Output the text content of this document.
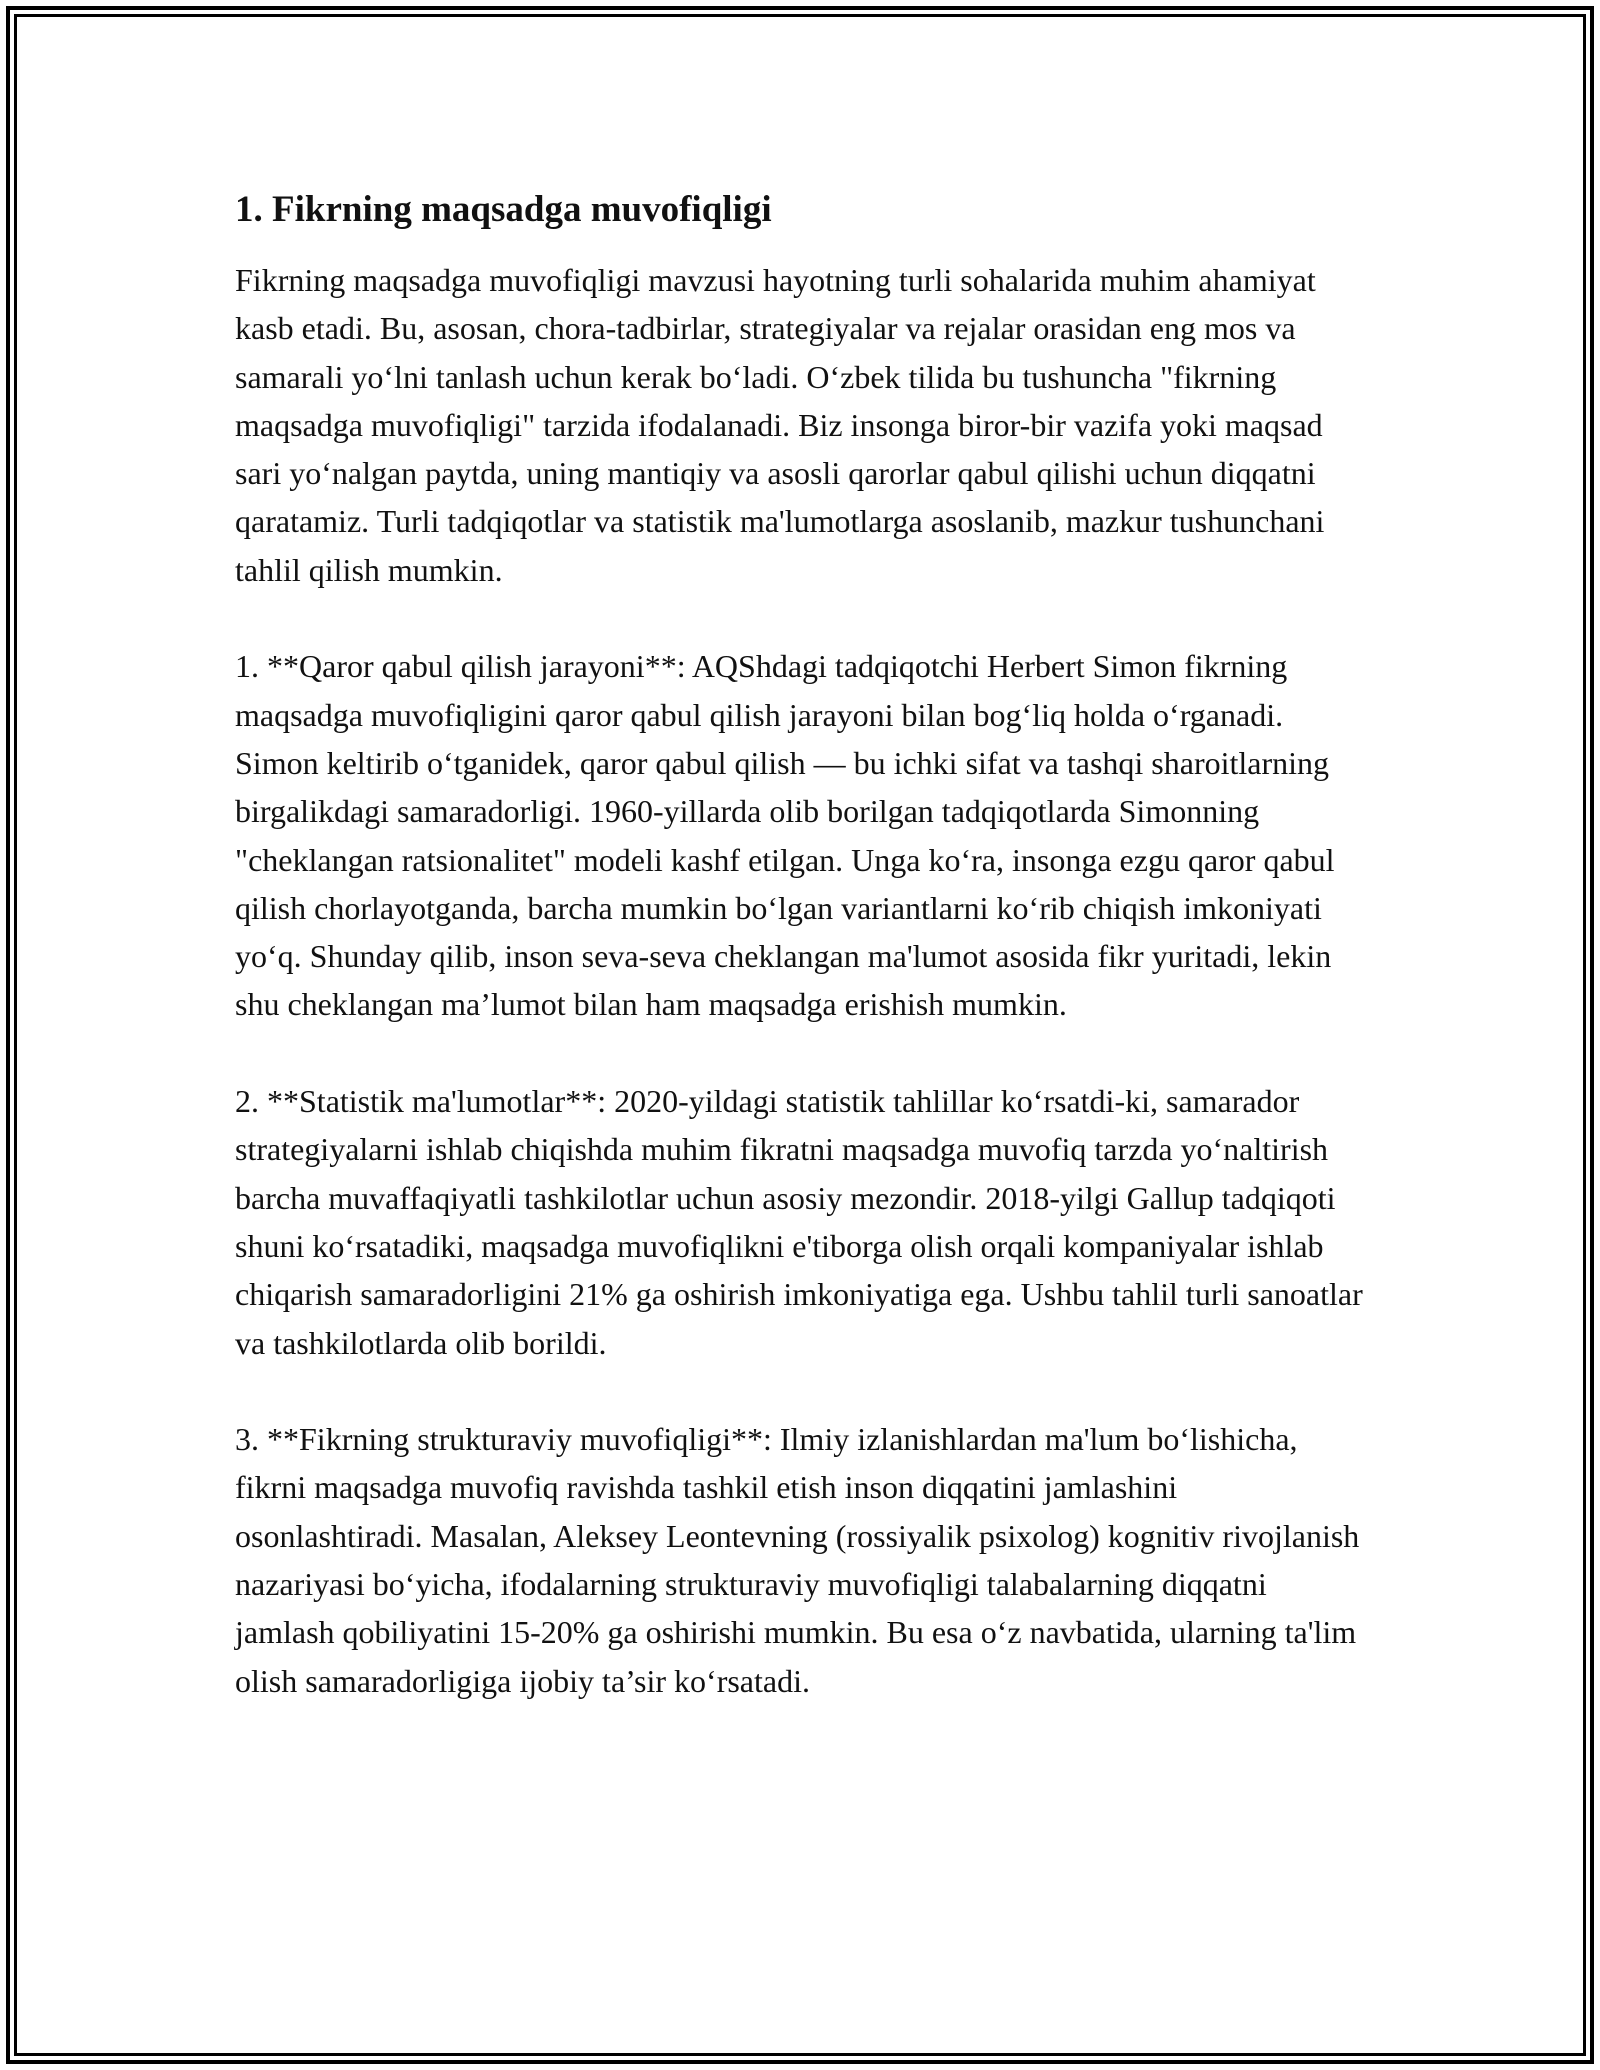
1. Fikrning maqsadga muvofiqligi

Fikrning maqsadga muvofiqligi mavzusi hayotning turli sohalarida muhim ahamiyat kasb etadi. Bu, asosan, chora-tadbirlar, strategiyalar va rejalar orasidan eng mos va samarali yo‘lni tanlash uchun kerak bo‘ladi. O‘zbek tilida bu tushuncha "fikrning maqsadga muvofiqligi" tarzida ifodalanadi. Biz insonga biror-bir vazifa yoki maqsad sari yo‘nalgan paytda, uning mantiqiy va asosli qarorlar qabul qilishi uchun diqqatni qaratamiz. Turli tadqiqotlar va statistik ma'lumotlarga asoslanib, mazkur tushunchani tahlil qilish mumkin.

1. **Qaror qabul qilish jarayoni**: AQShdagi tadqiqotchi Herbert Simon fikrning maqsadga muvofiqligini qaror qabul qilish jarayoni bilan bog‘liq holda o‘rganadi. Simon keltirib o‘tganidek, qaror qabul qilish — bu ichki sifat va tashqi sharoitlarning birgalikdagi samaradorligi. 1960-yillarda olib borilgan tadqiqotlarda Simonning "cheklangan ratsionalitet" modeli kashf etilgan. Unga ko‘ra, insonga ezgu qaror qabul qilish chorlayotganda, barcha mumkin bo‘lgan variantlarni ko‘rib chiqish imkoniyati yo‘q. Shunday qilib, inson seva-seva cheklangan ma'lumot asosida fikr yuritadi, lekin shu cheklangan ma’lumot bilan ham maqsadga erishish mumkin.

2. **Statistik ma'lumotlar**: 2020-yildagi statistik tahlillar ko‘rsatdi-ki, samarador strategiyalarni ishlab chiqishda muhim fikratni maqsadga muvofiq tarzda yo‘naltirish barcha muvaffaqiyatli tashkilotlar uchun asosiy mezondir. 2018-yilgi Gallup tadqiqoti shuni ko‘rsatadiki, maqsadga muvofiqlikni e'tiborga olish orqali kompaniyalar ishlab chiqarish samaradorligini 21% ga oshirish imkoniyatiga ega. Ushbu tahlil turli sanoatlar va tashkilotlarda olib borildi.

3. **Fikrning strukturaviy muvofiqligi**: Ilmiy izlanishlardan ma'lum bo‘lishicha, fikrni maqsadga muvofiq ravishda tashkil etish inson diqqatini jamlashini osonlashtiradi. Masalan, Aleksey Leontevning (rossiyalik psixolog) kognitiv rivojlanish nazariyasi bo‘yicha, ifodalarning strukturaviy muvofiqligi talabalarning diqqatni jamlash qobiliyatini 15-20% ga oshirishi mumkin. Bu esa o‘z navbatida, ularning ta'lim olish samaradorligiga ijobiy ta’sir ko‘rsatadi.
